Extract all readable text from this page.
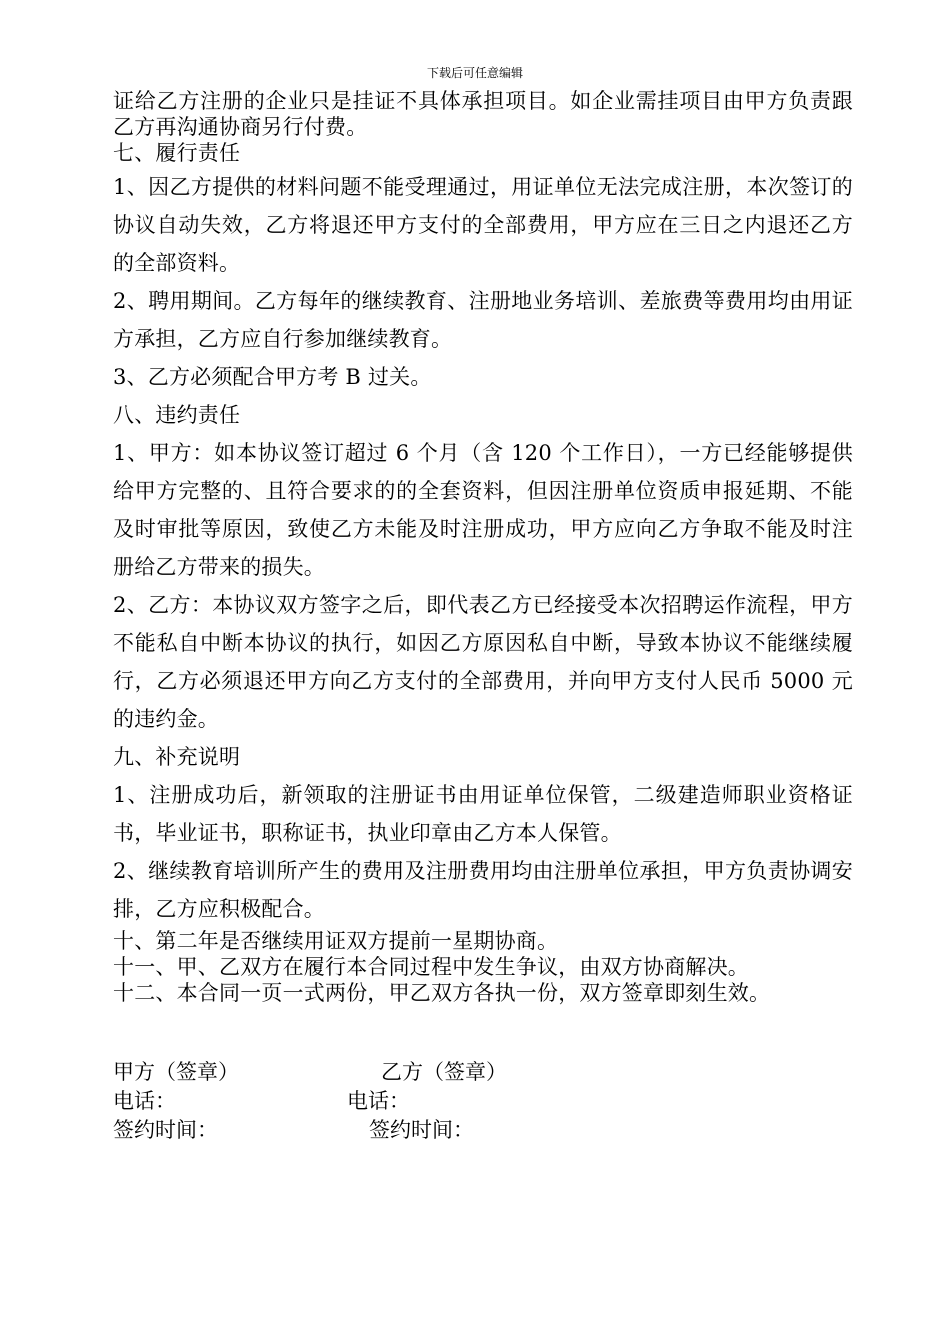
下载后可任意编辑

证给乙方注册的企业只是挂证不具体承担项目。如企业需挂项目由甲方负责跟乙方再沟通协商另行付费。

七、履行责任

1、因乙方提供的材料问题不能受理通过，用证单位无法完成注册，本次签订的协议自动失效，乙方将退还甲方支付的全部费用，甲方应在三日之内退还乙方的全部资料。

2、聘用期间。乙方每年的继续教育、注册地业务培训、差旅费等费用均由用证方承担，乙方应自行参加继续教育。

3、乙方必须配合甲方考 B 过关。

八、违约责任

1、甲方：如本协议签订超过 6 个月（含 120 个工作日），一方已经能够提供给甲方完整的、且符合要求的的全套资料，但因注册单位资质申报延期、不能及时审批等原因，致使乙方未能及时注册成功，甲方应向乙方争取不能及时注册给乙方带来的损失。

2、乙方：本协议双方签字之后，即代表乙方已经接受本次招聘运作流程，甲方不能私自中断本协议的执行，如因乙方原因私自中断，导致本协议不能继续履行，乙方必须退还甲方向乙方支付的全部费用，并向甲方支付人民币 5000 元的违约金。

九、补充说明

1、注册成功后，新领取的注册证书由用证单位保管，二级建造师职业资格证书，毕业证书，职称证书，执业印章由乙方本人保管。

2、继续教育培训所产生的费用及注册费用均由注册单位承担，甲方负责协调安排，乙方应积极配合。

十、第二年是否继续用证双方提前一星期协商。

十一、甲、乙双方在履行本合同过程中发生争议，由双方协商解决。

十二、本合同一页一式两份，甲乙双方各执一份，双方签章即刻生效。

甲方（签章）	乙方（签章）
电话：	电话：
签约时间：	签约时间：
